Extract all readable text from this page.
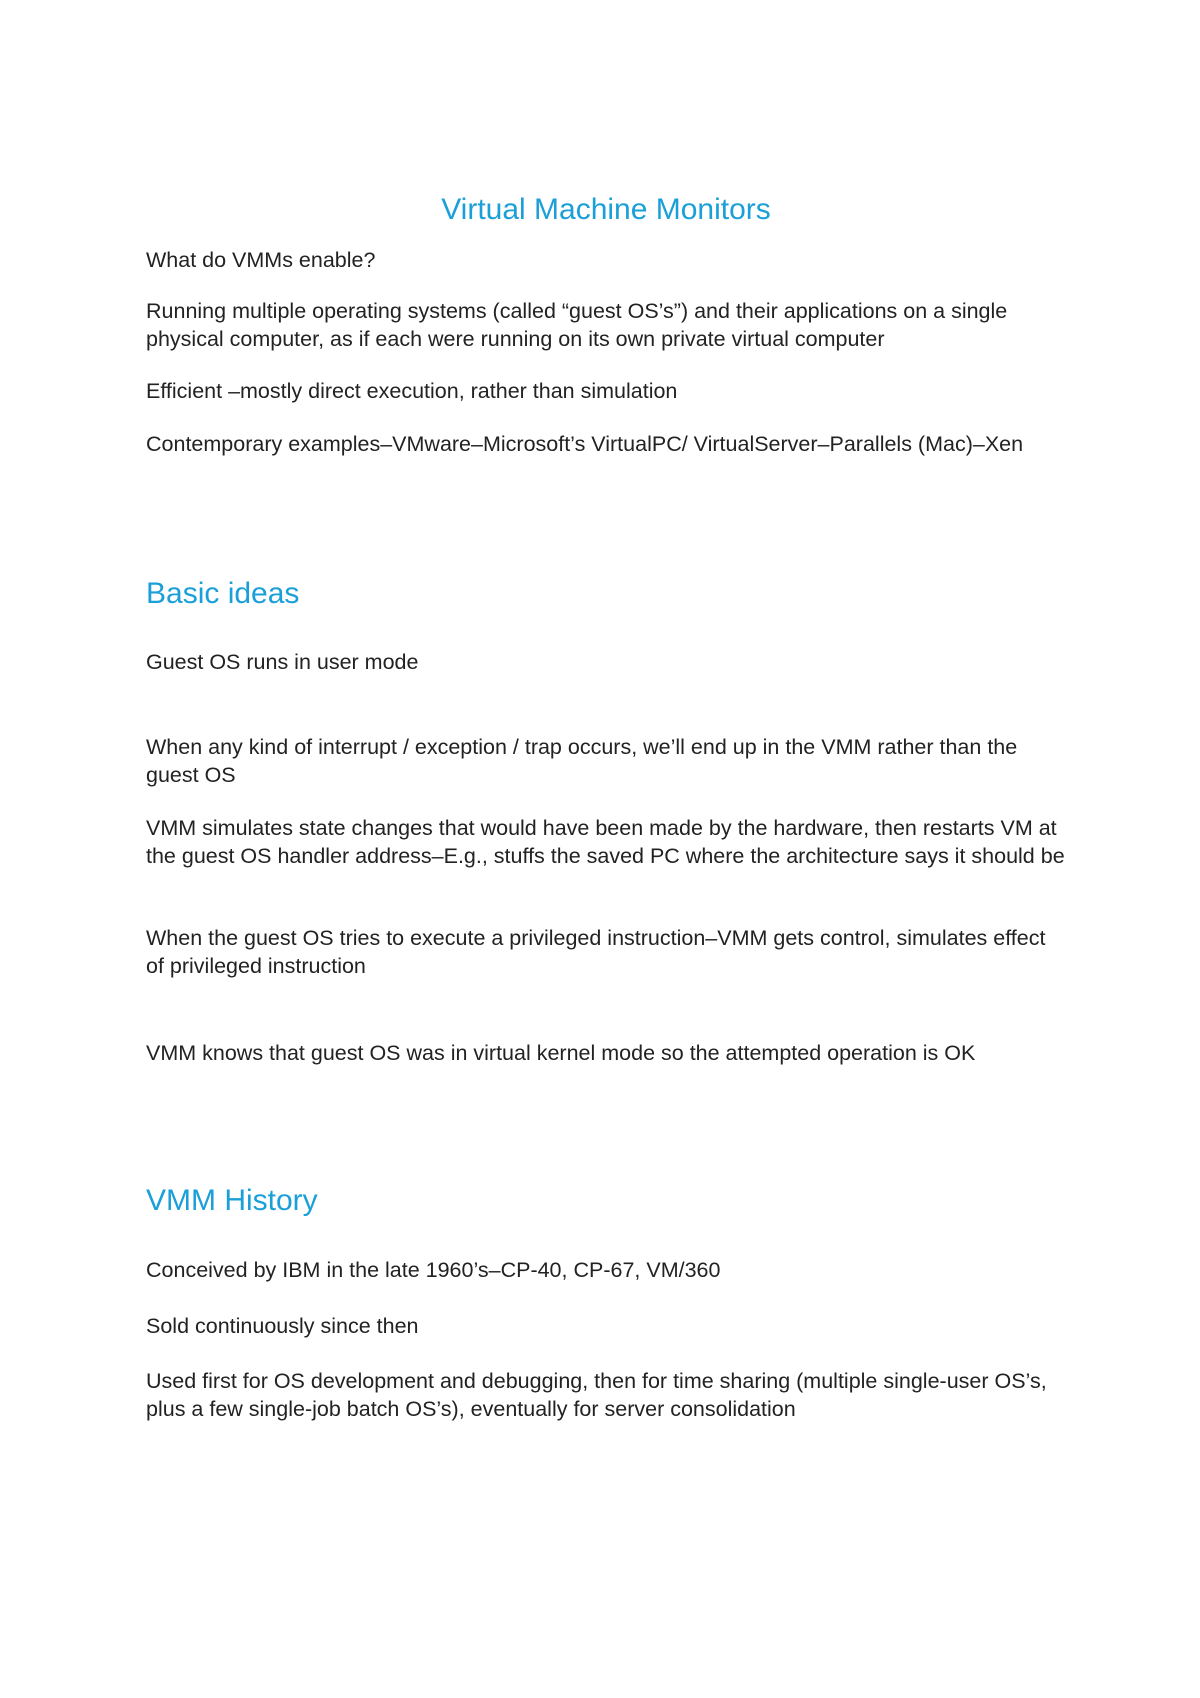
Virtual Machine Monitors

What do VMMs enable?

Running multiple operating systems (called “guest OS’s”) and their applications on a single physical computer, as if each were running on its own private virtual computer

Efficient –mostly direct execution, rather than simulation

Contemporary examples–VMware–Microsoft’s VirtualPC/ VirtualServer–Parallels (Mac)–Xen

Basic ideas

Guest OS runs in user mode

When any kind of interrupt / exception / trap occurs, we’ll end up in the VMM rather than the guest OS

VMM simulates state changes that would have been made by the hardware, then restarts VM at the guest OS handler address–E.g., stuffs the saved PC where the architecture says it should be

When the guest OS tries to execute a privileged instruction–VMM gets control, simulates effect of privileged instruction

VMM knows that guest OS was in virtual kernel mode so the attempted operation is OK

VMM History

Conceived by IBM in the late 1960’s–CP-40, CP-67, VM/360

Sold continuously since then

Used first for OS development and debugging, then for time sharing (multiple single-user OS’s, plus a few single-job batch OS’s), eventually for server consolidation
